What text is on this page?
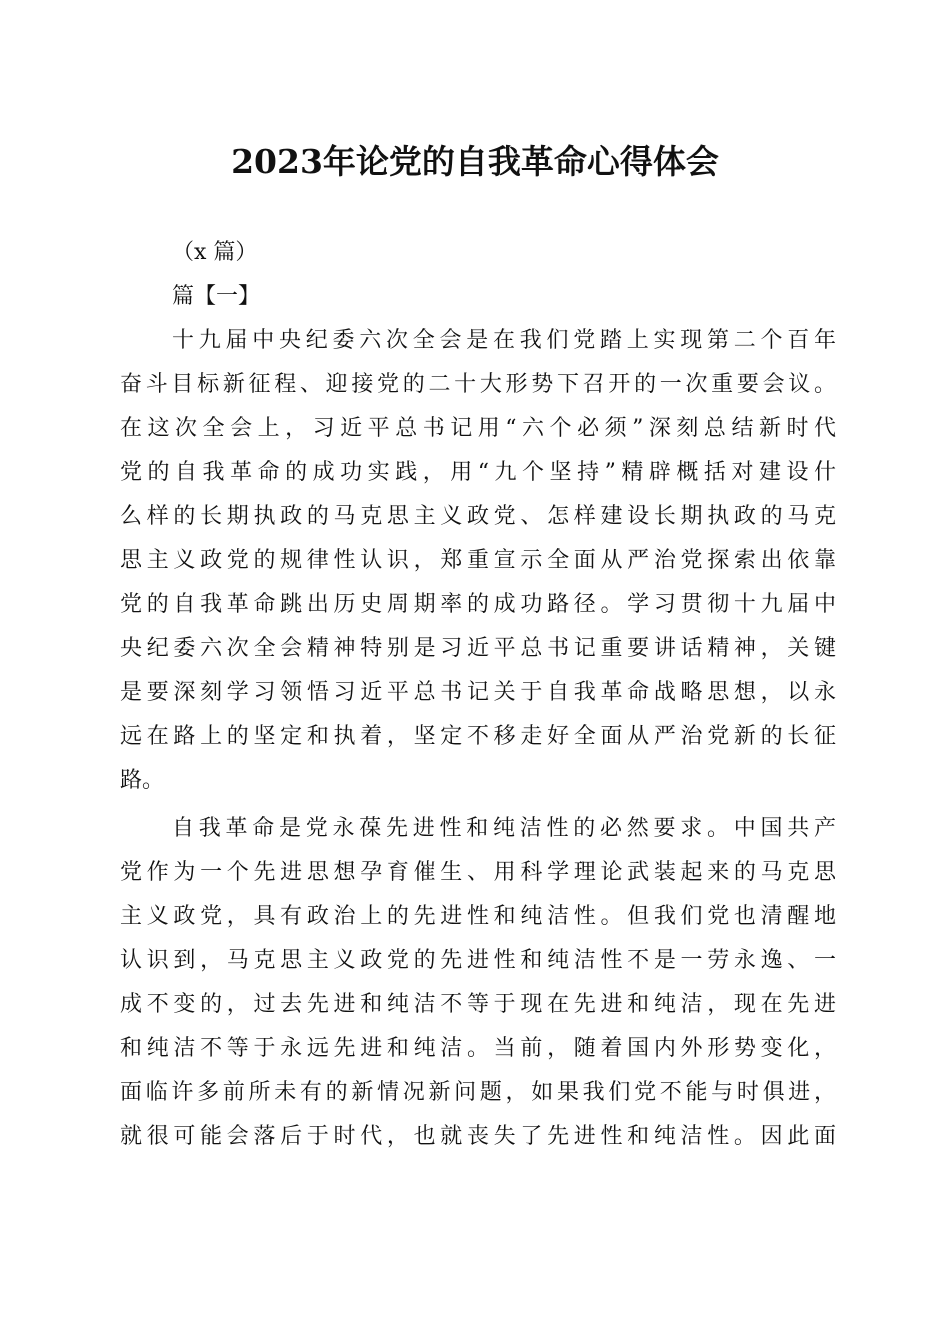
2023年论党的自我革命心得体会

（x 篇）

篇【一】

十九届中央纪委六次全会是在我们党踏上实现第二个百年

奋斗目标新征程、迎接党的二十大形势下召开的一次重要会议。

在这次全会上，习近平总书记用“六个必须”深刻总结新时代

党的自我革命的成功实践，用“九个坚持”精辟概括对建设什

么样的长期执政的马克思主义政党、怎样建设长期执政的马克

思主义政党的规律性认识，郑重宣示全面从严治党探索出依靠

党的自我革命跳出历史周期率的成功路径。学习贯彻十九届中

央纪委六次全会精神特别是习近平总书记重要讲话精神，关键

是要深刻学习领悟习近平总书记关于自我革命战略思想，以永

远在路上的坚定和执着，坚定不移走好全面从严治党新的长征

路。

自我革命是党永葆先进性和纯洁性的必然要求。中国共产

党作为一个先进思想孕育催生、用科学理论武装起来的马克思

主义政党，具有政治上的先进性和纯洁性。但我们党也清醒地

认识到，马克思主义政党的先进性和纯洁性不是一劳永逸、一

成不变的，过去先进和纯洁不等于现在先进和纯洁，现在先进

和纯洁不等于永远先进和纯洁。当前，随着国内外形势变化，

面临许多前所未有的新情况新问题，如果我们党不能与时俱进，

就很可能会落后于时代，也就丧失了先进性和纯洁性。因此面
